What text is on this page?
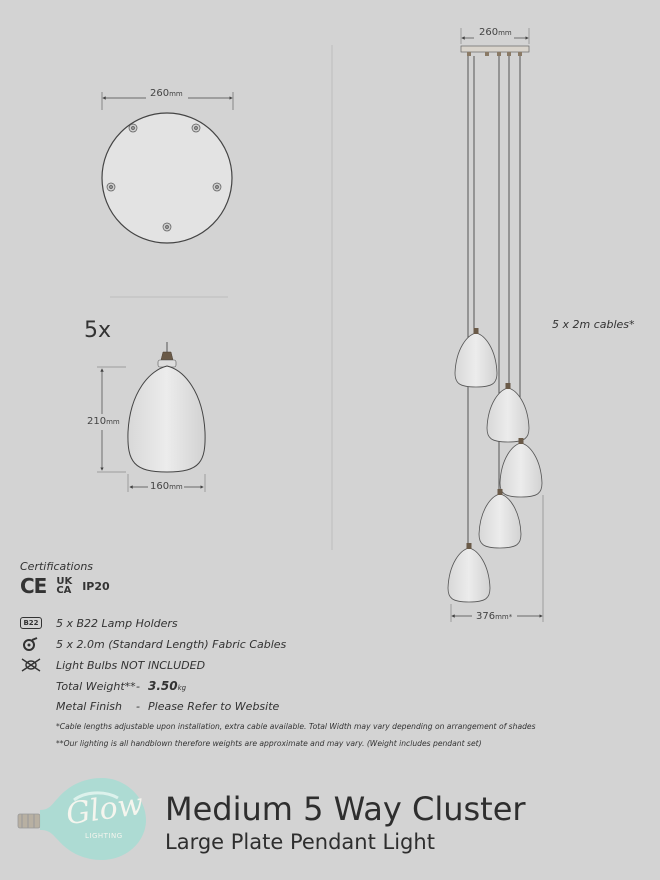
260mm
5x
210mm
160mm
260mm
5 x 2m cables*
376mm*
Certifications
CE UK
CA IP20
B22 5 x B22 Lamp Holders
5 x 2.0m (Standard Length) Fabric Cables
Light Bulbs NOT INCLUDED
Total Weight** - 3.50 kg
Metal Finish	- Please Refer to Website
*Cable lengths adjustable upon installation, extra cable available. Total Width may vary depending on arrangement of shades
**Our lighting is all handblown therefore weights are approximate and may vary. (Weight includes pendant set)
Glow
LIGHTING
Medium 5 Way Cluster
Large Plate Pendant Light
